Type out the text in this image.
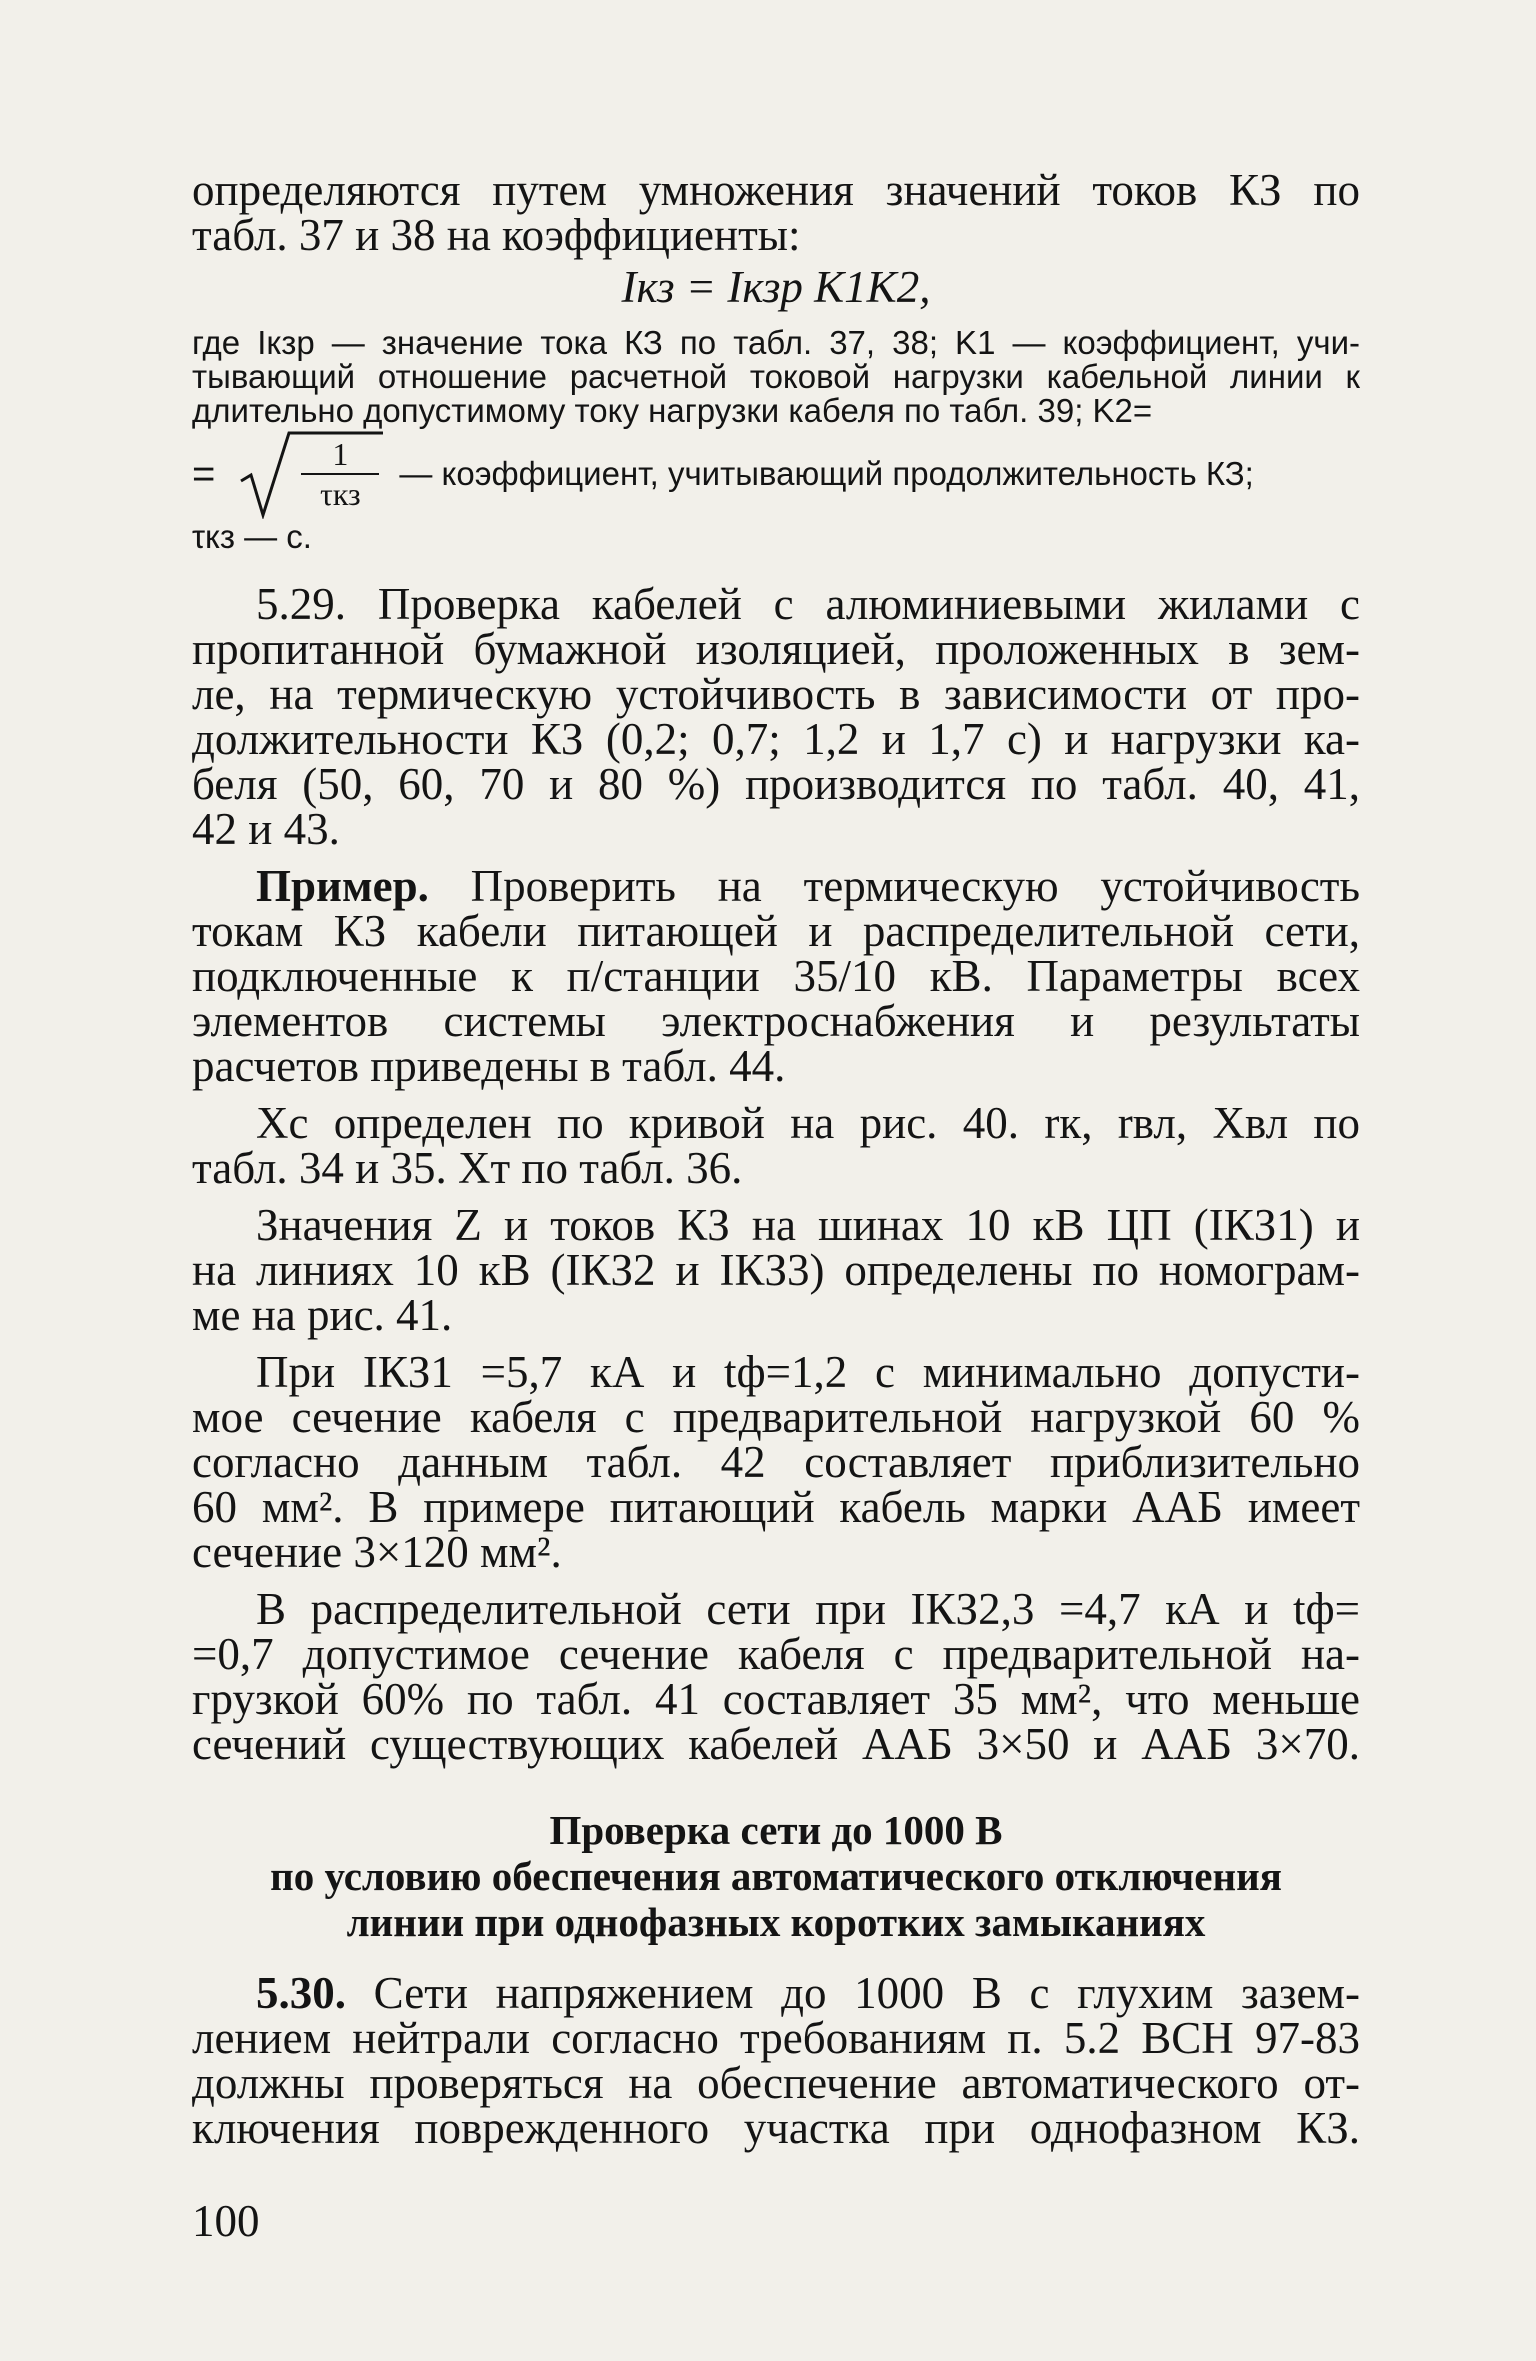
определяются путем умножения значений токов КЗ по
табл. 37 и 38 на коэффициенты:

Iкз = Iкзр K1K2,
где Iкзр — значение тока КЗ по табл. 37, 38; K1 — коэффициент, учи-
тывающий отношение расчетной токовой нагрузки кабельной линии к
длительно допустимому току нагрузки кабеля по табл. 39; K2=
=	1
τкз
— коэффициент, учитывающий продолжительность КЗ;
τкз — с.

5.29. Проверка кабелей с алюминиевыми жилами с
пропитанной бумажной изоляцией, проложенных в зем-
ле, на термическую устойчивость в зависимости от про-
должительности КЗ (0,2; 0,7; 1,2 и 1,7 с) и нагрузки ка-
беля (50, 60, 70 и 80 %) производится по табл. 40, 41,
42 и 43.

Пример. Проверить на термическую устойчивость
токам КЗ кабели питающей и распределительной сети,
подключенные к п/станции 35/10 кВ. Параметры всех
элементов системы электроснабжения и результаты
расчетов приведены в табл. 44.

Xс определен по кривой на рис. 40. rк, rвл, Xвл по
табл. 34 и 35. Xт по табл. 36.

Значения Z и токов КЗ на шинах 10 кВ ЦП (IКЗ1) и
на линиях 10 кВ (IКЗ2 и IКЗ3) определены по номограм-
ме на рис. 41.

При IКЗ1 =5,7 кА и tф=1,2 с минимально допусти-
мое сечение кабеля с предварительной нагрузкой 60 %
согласно данным табл. 42 составляет приблизительно
60 мм². В примере питающий кабель марки ААБ имеет
сечение 3×120 мм².

В распределительной сети при IКЗ2,3 =4,7 кА и tф=
=0,7 допустимое сечение кабеля с предварительной на-
грузкой 60% по табл. 41 составляет 35 мм², что меньше
сечений существующих кабелей ААБ 3×50 и ААБ 3×70.

Проверка сети до 1000 В
по условию обеспечения автоматического отключения
линии при однофазных коротких замыканиях

5.30. Сети напряжением до 1000 В с глухим зазем-
лением нейтрали согласно требованиям п. 5.2 ВСН 97-83
должны проверяться на обеспечение автоматического от-
ключения поврежденного участка при однофазном КЗ.

100
